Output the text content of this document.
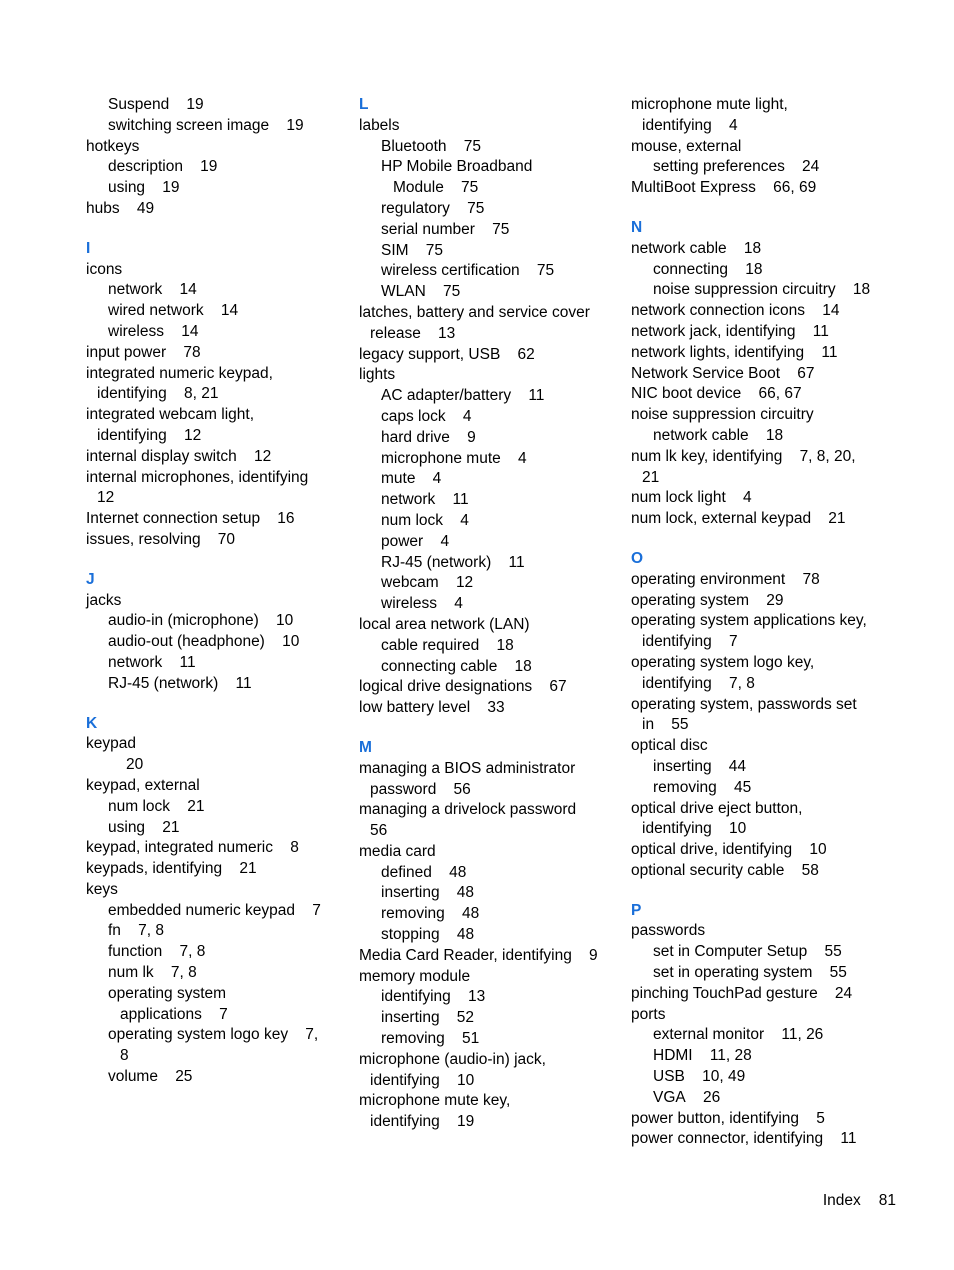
Suspend    19
switching screen image    19
hotkeys
description    19
using    19
hubs    49
I
icons
network    14
wired network    14
wireless    14
input power    78
integrated numeric keypad,
identifying    8, 21
integrated webcam light,
identifying    12
internal display switch    12
internal microphones, identifying
12
Internet connection setup    16
issues, resolving    70
J
jacks
audio-in (microphone)    10
audio-out (headphone)    10
network    11
RJ-45 (network)    11
K
keypad
20
keypad, external
num lock    21
using    21
keypad, integrated numeric    8
keypads, identifying    21
keys
embedded numeric keypad    7
fn    7, 8
function    7, 8
num lk    7, 8
operating system
applications    7
operating system logo key    7,
8
volume    25
L
labels
Bluetooth    75
HP Mobile Broadband
Module    75
regulatory    75
serial number    75
SIM    75
wireless certification    75
WLAN    75
latches, battery and service cover
release    13
legacy support, USB    62
lights
AC adapter/battery    11
caps lock    4
hard drive    9
microphone mute    4
mute    4
network    11
num lock    4
power    4
RJ-45 (network)    11
webcam    12
wireless    4
local area network (LAN)
cable required    18
connecting cable    18
logical drive designations    67
low battery level    33
M
managing a BIOS administrator
password    56
managing a drivelock password
56
media card
defined    48
inserting    48
removing    48
stopping    48
Media Card Reader, identifying    9
memory module
identifying    13
inserting    52
removing    51
microphone (audio-in) jack,
identifying    10
microphone mute key,
identifying    19
microphone mute light,
identifying    4
mouse, external
setting preferences    24
MultiBoot Express    66, 69
N
network cable    18
connecting    18
noise suppression circuitry    18
network connection icons    14
network jack, identifying    11
network lights, identifying    11
Network Service Boot    67
NIC boot device    66, 67
noise suppression circuitry
network cable    18
num lk key, identifying    7, 8, 20,
21
num lock light    4
num lock, external keypad    21
O
operating environment    78
operating system    29
operating system applications key,
identifying    7
operating system logo key,
identifying    7, 8
operating system, passwords set
in    55
optical disc
inserting    44
removing    45
optical drive eject button,
identifying    10
optical drive, identifying    10
optional security cable    58
P
passwords
set in Computer Setup    55
set in operating system    55
pinching TouchPad gesture    24
ports
external monitor    11, 26
HDMI    11, 28
USB    10, 49
VGA    26
power button, identifying    5
power connector, identifying    11
Index 81
